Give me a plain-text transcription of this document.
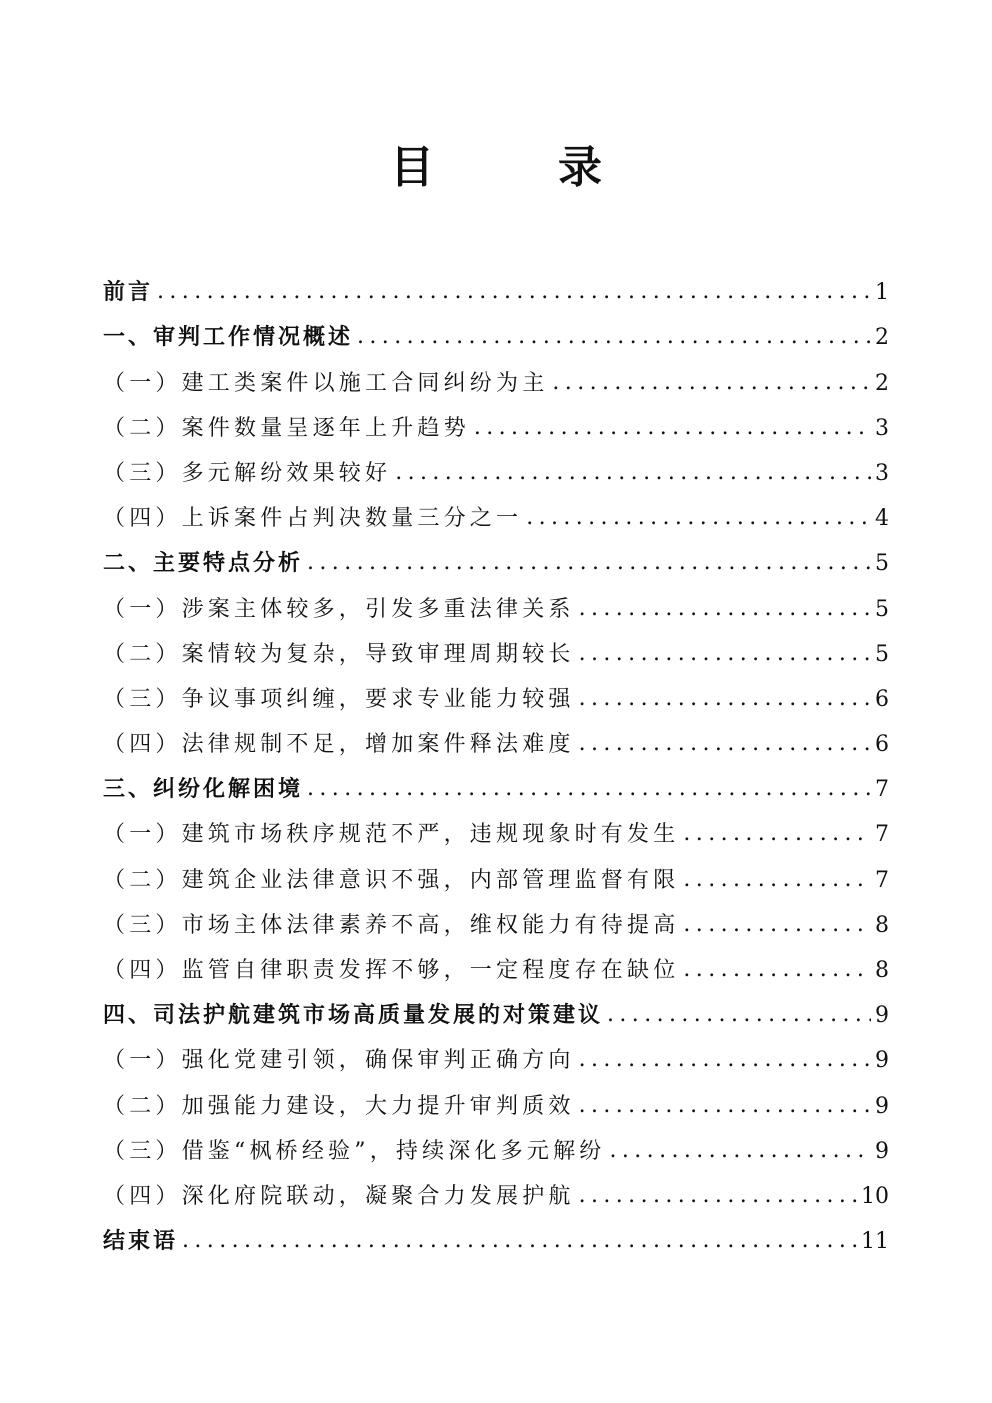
目　录
前言 .....	1
一、审判工作情况概述 .....	2
（一）建工类案件以施工合同纠纷为主 .....	2
（二）案件数量呈逐年上升趋势 .....	3
（三）多元解纷效果较好 .....	3
（四）上诉案件占判决数量三分之一 .....	4
二、主要特点分析 .....	5
（一）涉案主体较多，引发多重法律关系 .....	5
（二）案情较为复杂，导致审理周期较长 .....	5
（三）争议事项纠缠，要求专业能力较强 .....	6
（四）法律规制不足，增加案件释法难度 .....	6
三、纠纷化解困境 .....	7
（一）建筑市场秩序规范不严，违规现象时有发生 .....	7
（二）建筑企业法律意识不强，内部管理监督有限 .....	7
（三）市场主体法律素养不高，维权能力有待提高 .....	8
（四）监管自律职责发挥不够，一定程度存在缺位 .....	8
四、司法护航建筑市场高质量发展的对策建议 .....	9
（一）强化党建引领，确保审判正确方向 .....	9
（二）加强能力建设，大力提升审判质效 .....	9
（三）借鉴“枫桥经验”，持续深化多元解纷 .....	9
（四）深化府院联动，凝聚合力发展护航 .....	10
结束语 .....	11
